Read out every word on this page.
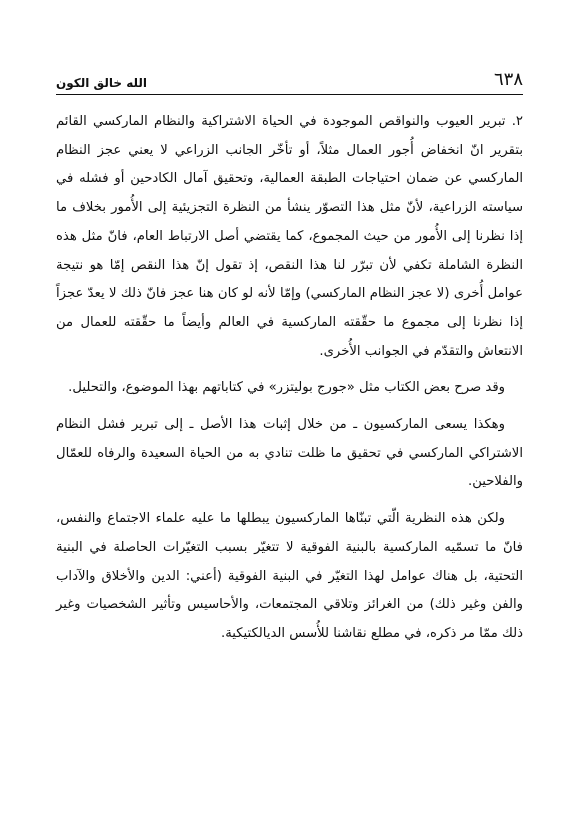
٦٣٨
الله خالق الكون

٢. تبرير العيوب والنواقص الموجودة في الحياة الاشتراكية والنظام الماركسي القائم بتقرير انّ انخفاض أُجور العمال مثلاً، أو تأخّر الجانب الزراعي لا يعني عجز النظام الماركسي عن ضمان احتياجات الطبقة العمالية، وتحقيق آمال الكادحين أو فشله في سياسته الزراعية، لأنّ مثل هذا التصوّر ينشأ من النظرة التجزيئية إلى الأُمور بخلاف ما إذا نظرنا إلى الأُمور من حيث المجموع، كما يقتضي أصل الارتباط العام، فانّ مثل هذه النظرة الشاملة تكفي لأن تبرّر لنا هذا النقص، إذ تقول إنّ هذا النقص إمّا هو نتيجة عوامل أُخرى (لا عجز النظام الماركسي) وإمّا لأنه لو كان هنا عجز فانّ ذلك لا يعدّ عجزاً إذا نظرنا إلى مجموع ما حقّقته الماركسية في العالم وأيضاً ما حقّقته للعمال من الانتعاش والتقدّم في الجوانب الأُخرى.

وقد صرح بعض الكتاب مثل «جورج بوليتزر» في كتاباتهم بهذا الموضوع، والتحليل.

وهكذا يسعى الماركسيون ـ من خلال إثبات هذا الأصل ـ إلى تبرير فشل النظام الاشتراكي الماركسي في تحقيق ما ظلت تنادي به من الحياة السعيدة والرفاه للعمّال والفلاحين.

ولكن هذه النظرية الّتي تبنّاها الماركسيون يبطلها ما عليه علماء الاجتماع والنفس، فانّ ما تسمّيه الماركسية بالبنية الفوقية لا تتغيّر بسبب التغيّرات الحاصلة في البنية التحتية، بل هناك عوامل لهذا التغيّر في البنية الفوقية (أعني: الدين والأخلاق والآداب والفن وغير ذلك) من الغرائز وتلاقي المجتمعات، والأحاسيس وتأثير الشخصيات وغير ذلك ممّا مر ذكره، في مطلع نقاشنا للأُسس الديالكتيكية.
